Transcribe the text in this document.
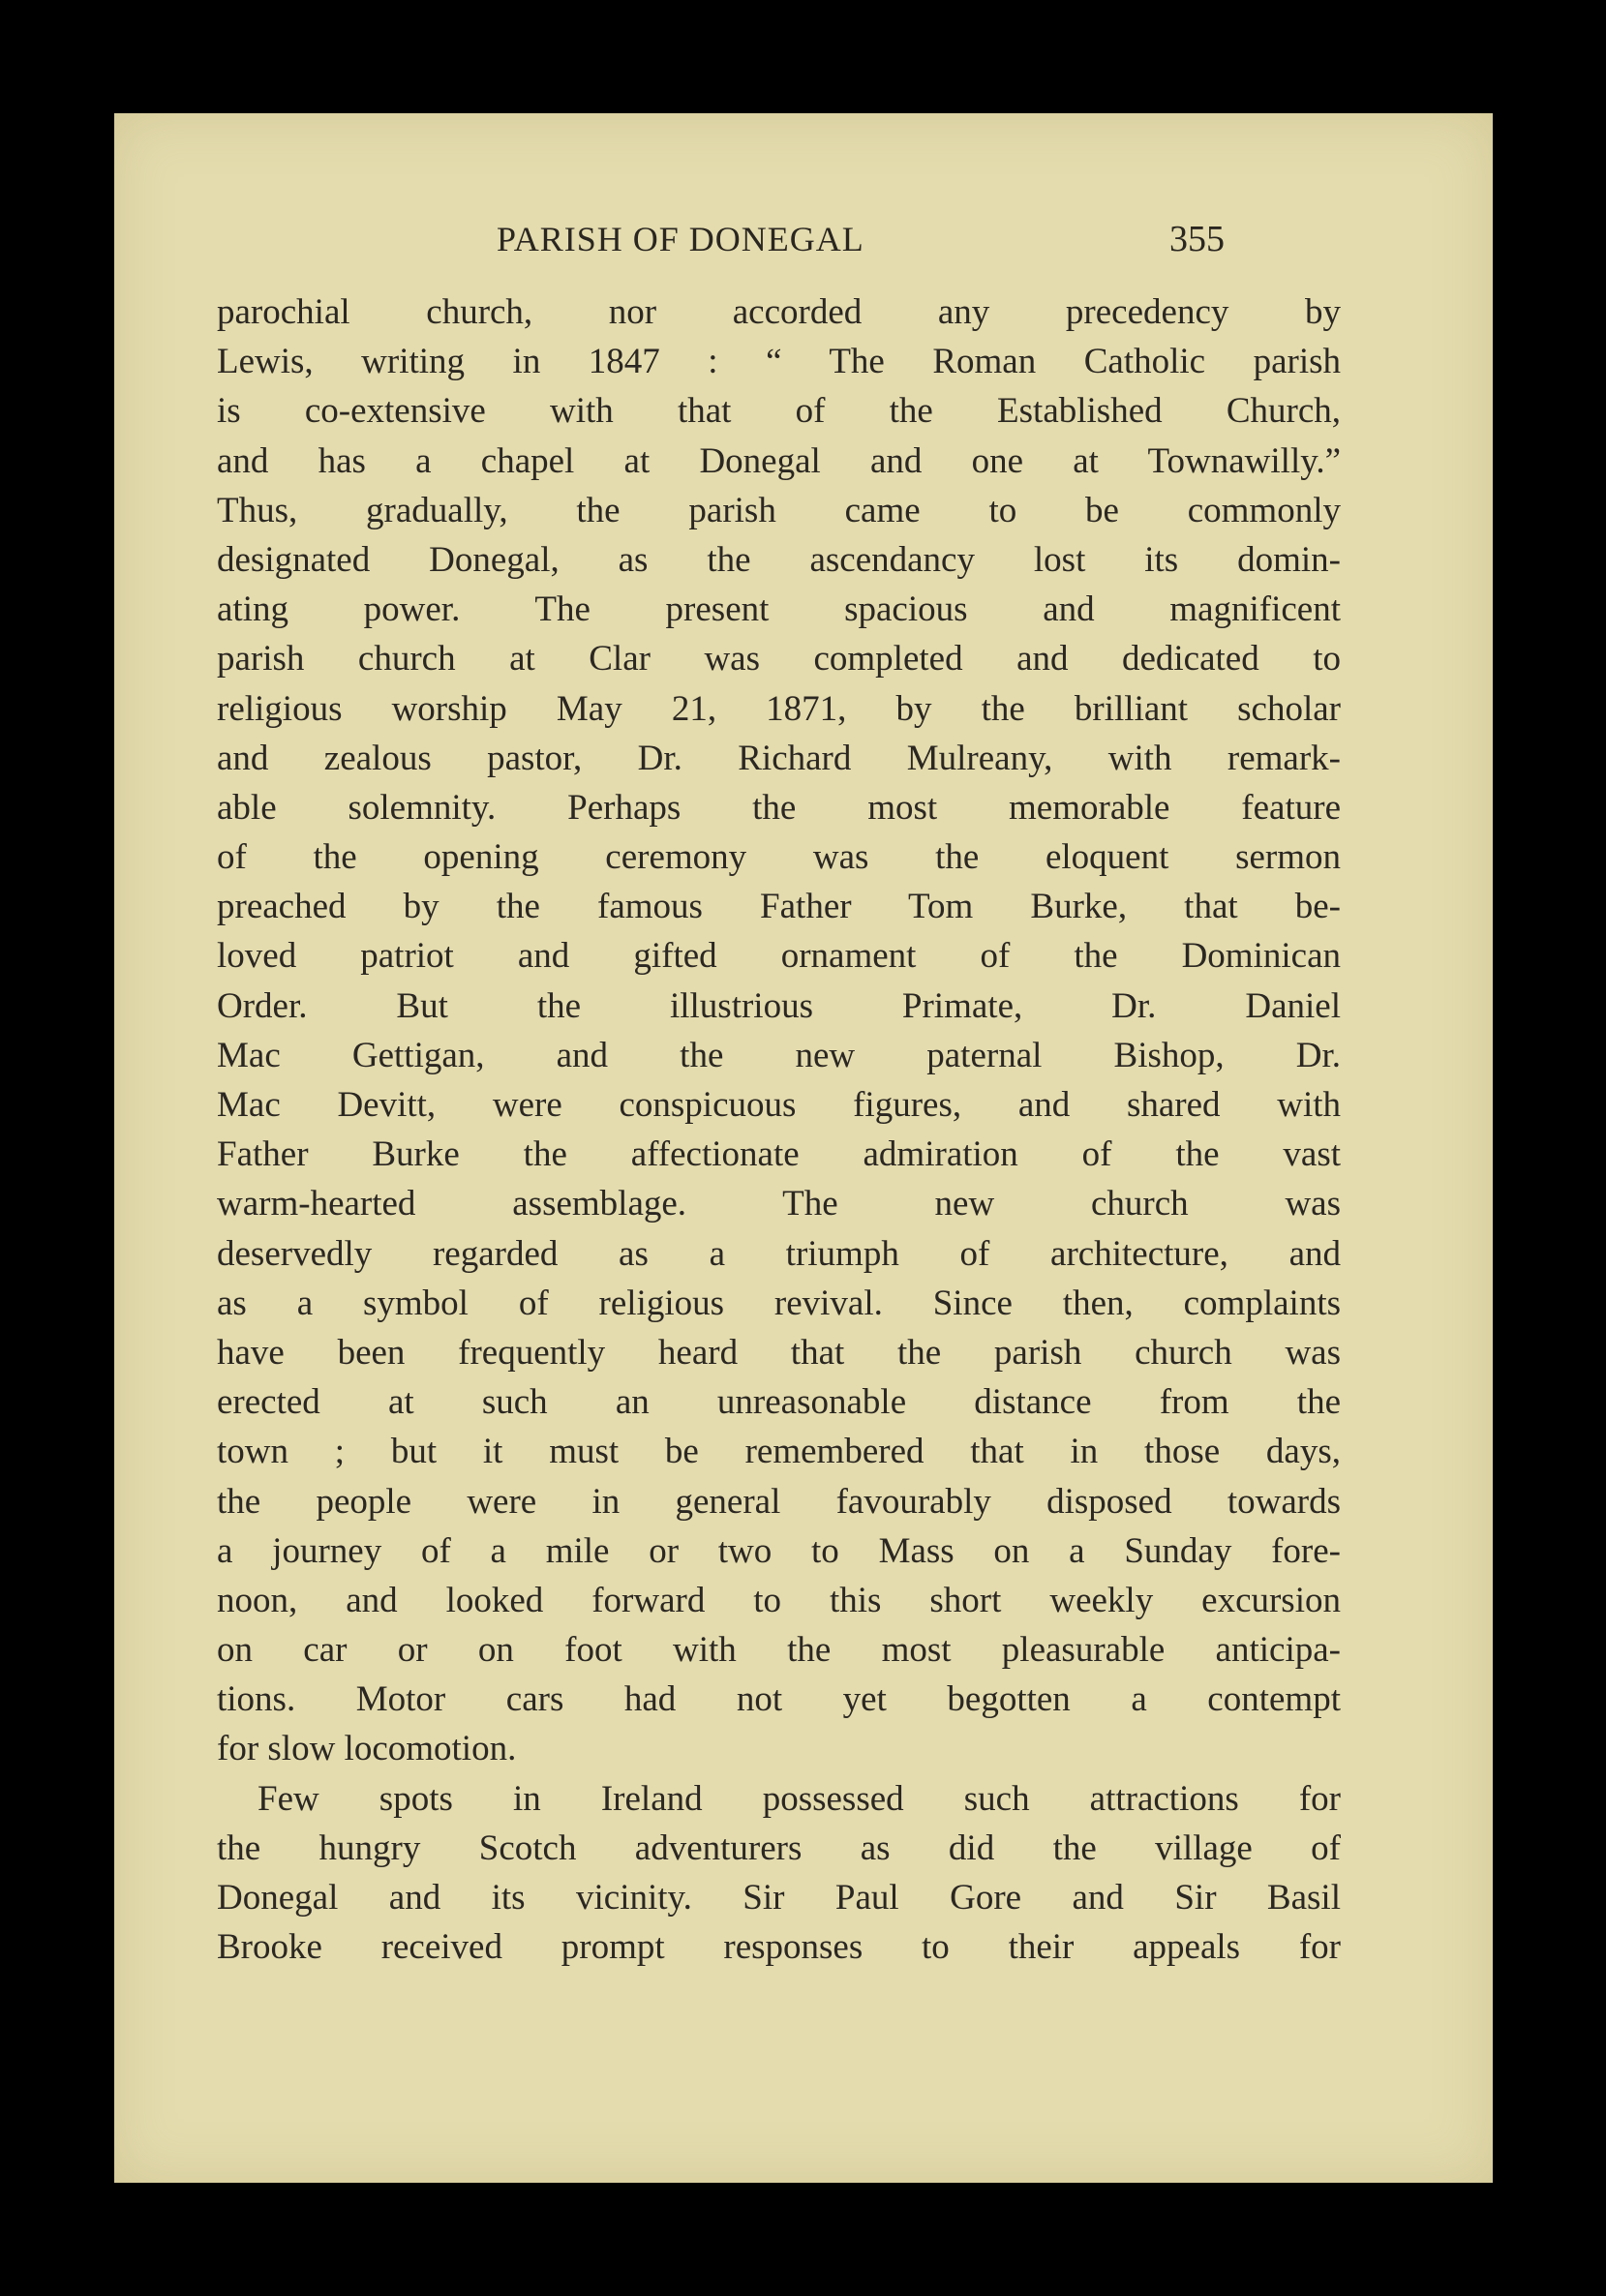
PARISH OF DONEGAL	355
parochial church, nor accorded any precedency by
Lewis, writing in 1847 : “ The Roman Catholic parish
is co-extensive with that of the Established Church,
and has a chapel at Donegal and one at Townawilly.”
Thus, gradually, the parish came to be commonly
designated Donegal, as the ascendancy lost its domin-
ating power. The present spacious and magnificent
parish church at Clar was completed and dedicated to
religious worship May 21, 1871, by the brilliant scholar
and zealous pastor, Dr. Richard Mulreany, with remark-
able solemnity. Perhaps the most memorable feature
of the opening ceremony was the eloquent sermon
preached by the famous Father Tom Burke, that be-
loved patriot and gifted ornament of the Dominican
Order. But the illustrious Primate, Dr. Daniel
Mac Gettigan, and the new paternal Bishop, Dr.
Mac Devitt, were conspicuous figures, and shared with
Father Burke the affectionate admiration of the vast
warm-hearted assemblage. The new church was
deservedly regarded as a triumph of architecture, and
as a symbol of religious revival. Since then, complaints
have been frequently heard that the parish church was
erected at such an unreasonable distance from the
town ; but it must be remembered that in those days,
the people were in general favourably disposed towards
a journey of a mile or two to Mass on a Sunday fore-
noon, and looked forward to this short weekly excursion
on car or on foot with the most pleasurable anticipa-
tions. Motor cars had not yet begotten a contempt
for slow locomotion.
Few spots in Ireland possessed such attractions for
the hungry Scotch adventurers as did the village of
Donegal and its vicinity. Sir Paul Gore and Sir Basil
Brooke received prompt responses to their appeals for
